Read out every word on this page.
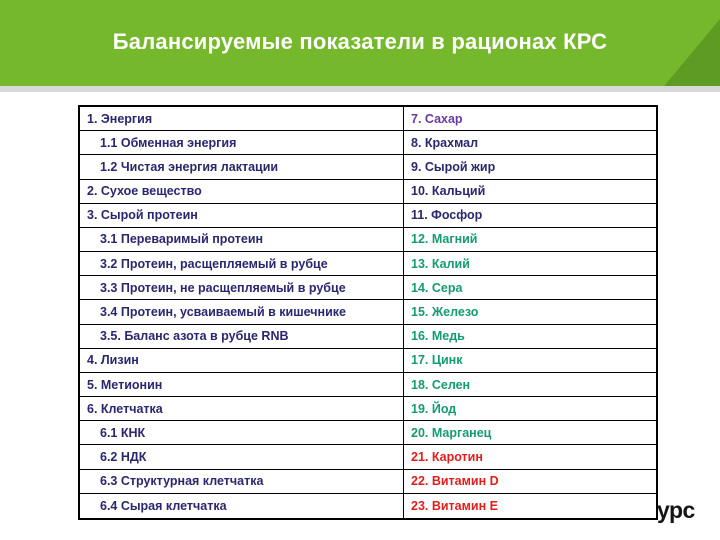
Балансируемые показатели в рационах КРС
1. Энергия
1.1 Обменная энергия
1.2 Чистая энергия лактации
2. Сухое вещество
3. Сырой протеин
3.1 Переваримый протеин
3.2 Протеин, расщепляемый в рубце
3.3 Протеин, не расщепляемый в рубце
3.4 Протеин, усваиваемый в кишечнике
3.5. Баланс азота в рубце RNB
4. Лизин
5. Метионин
6. Клетчатка
6.1 КНК
6.2 НДК
6.3 Структурная клетчатка
6.4 Сырая клетчатка
7. Сахар
8. Крахмал
9. Сырой жир
10. Кальций
11. Фосфор
12. Магний
13. Калий
14. Сера
15. Железо
16. Медь
17. Цинк
18. Селен
19. Йод
20. Марганец
21. Каротин
22. Витамин D
23. Витамин E	урс
